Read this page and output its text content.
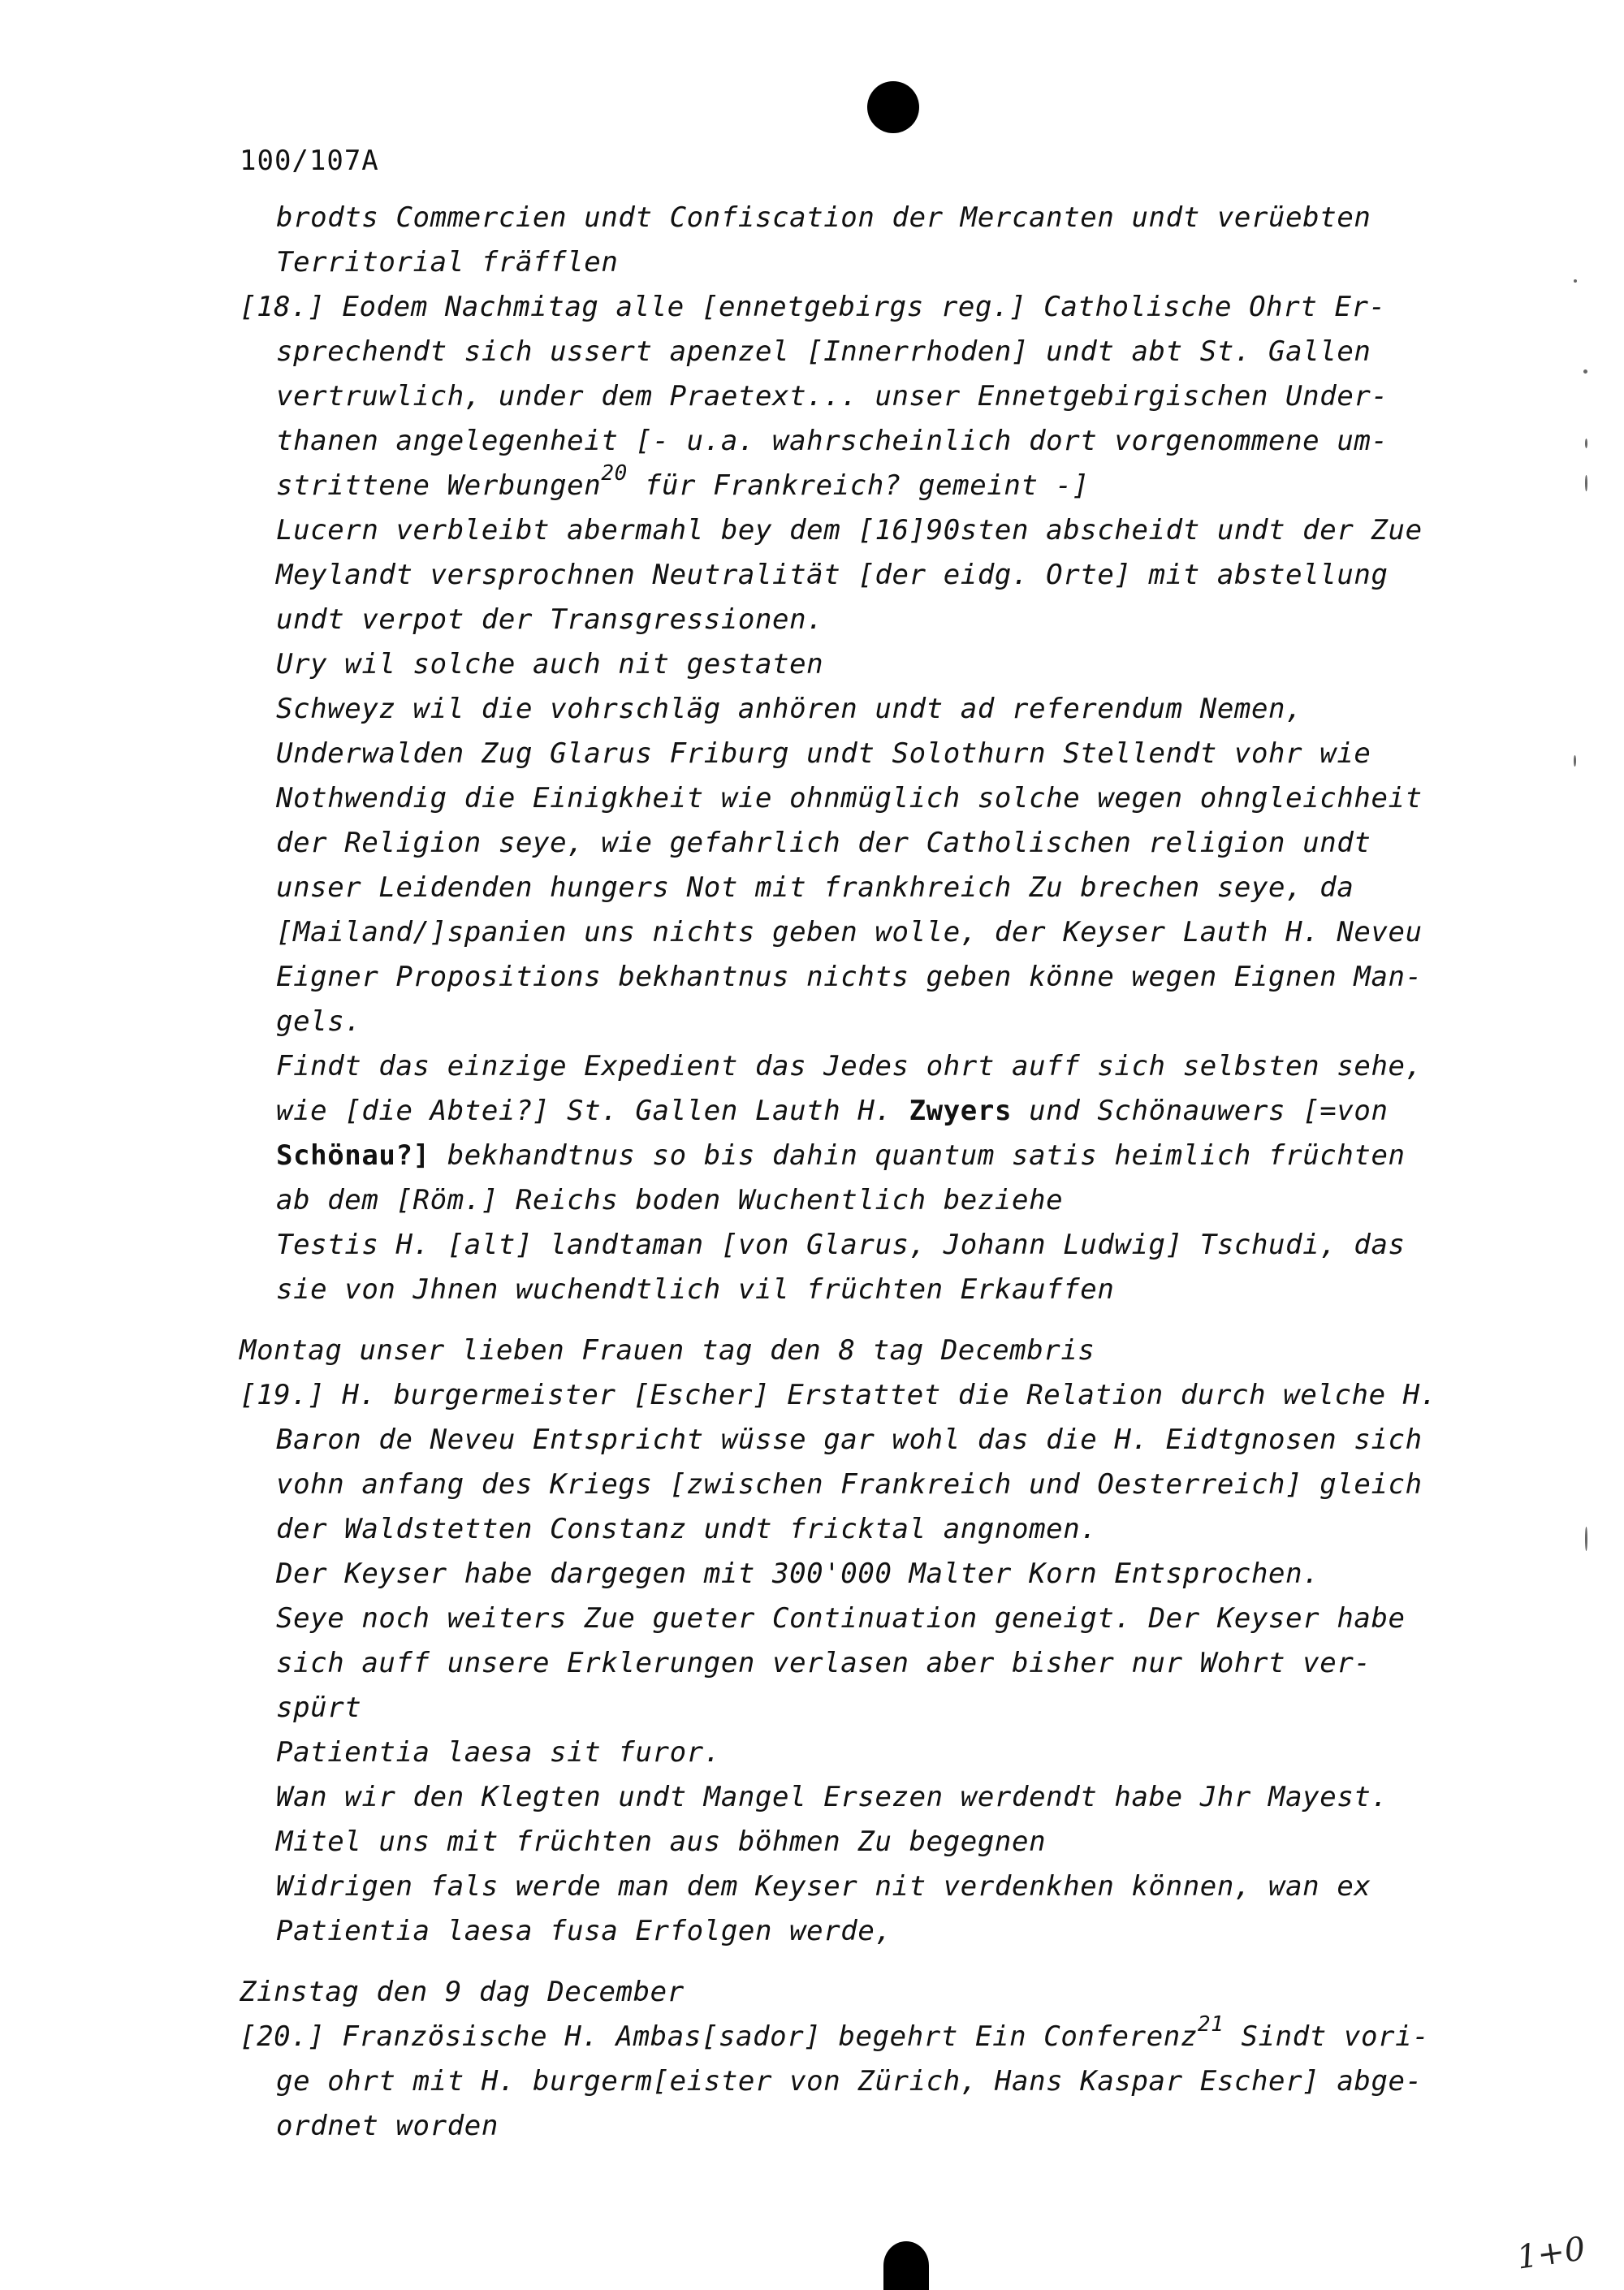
100/107A
brodts Commercien undt Confiscation der Mercanten undt verüebten
Territorial fräfflen
[18.] Eodem Nachmitag alle [ennetgebirgs reg.] Catholische Ohrt Er-
sprechendt sich ussert apenzel [Innerrhoden] undt abt St. Gallen
vertruwlich, under dem Praetext... unser Ennetgebirgischen Under-
thanen angelegenheit [- u.a. wahrscheinlich dort vorgenommene um-
strittene Werbungen$^{20}$ für Frankreich? gemeint -]
Lucern verbleibt abermahl bey dem [16]90sten abscheidt undt der Zue
Meylandt versprochnen Neutralität [der eidg. Orte] mit abstellung
undt verpot der Transgressionen.
Ury wil solche auch nit gestaten
Schweyz wil die vohrschläg anhören undt ad referendum Nemen,
Underwalden Zug Glarus Friburg undt Solothurn Stellendt vohr wie
Nothwendig die Einigkheit wie ohnmüglich solche wegen ohngleichheit
der Religion seye, wie gefahrlich der Catholischen religion undt
unser Leidenden hungers Not mit frankhreich Zu brechen seye, da
[Mailand/]spanien uns nichts geben wolle, der Keyser Lauth H. Neveu
Eigner Propositions bekhantnus nichts geben könne wegen Eignen Man-
gels.
Findt das einzige Expedient das Jedes ohrt auff sich selbsten sehe,
wie [die Abtei?] St. Gallen Lauth H. Zwyers und Schönauwers [=von
Schönau?] bekhandtnus so bis dahin quantum satis heimlich früchten
ab dem [Röm.] Reichs boden Wuchentlich beziehe
Testis H. [alt] landtaman [von Glarus, Johann Ludwig] Tschudi, das
sie von Jhnen wuchendtlich vil früchten Erkauffen
Montag unser lieben Frauen tag den 8 tag Decembris
[19.] H. burgermeister [Escher] Erstattet die Relation durch welche H.
Baron de Neveu Entspricht wüsse gar wohl das die H. Eidtgnosen sich
vohn anfang des Kriegs [zwischen Frankreich und Oesterreich] gleich
der Waldstetten Constanz undt fricktal angnomen.
Der Keyser habe dargegen mit 300'000 Malter Korn Entsprochen.
Seye noch weiters Zue gueter Continuation geneigt. Der Keyser habe
sich auff unsere Erklerungen verlasen aber bisher nur Wohrt ver-
spürt
Patientia laesa sit furor.
Wan wir den Klegten undt Mangel Ersezen werdendt habe Jhr Mayest.
Mitel uns mit früchten aus böhmen Zu begegnen
Widrigen fals werde man dem Keyser nit verdenkhen können, wan ex
Patientia laesa fusa Erfolgen werde,
Zinstag den 9 dag December
[20.] Französische H. Ambas[sador] begehrt Ein Conferenz$^{21}$ Sindt vori-
ge ohrt mit H. burgerm[eister von Zürich, Hans Kaspar Escher] abge-
ordnet worden
1+0
